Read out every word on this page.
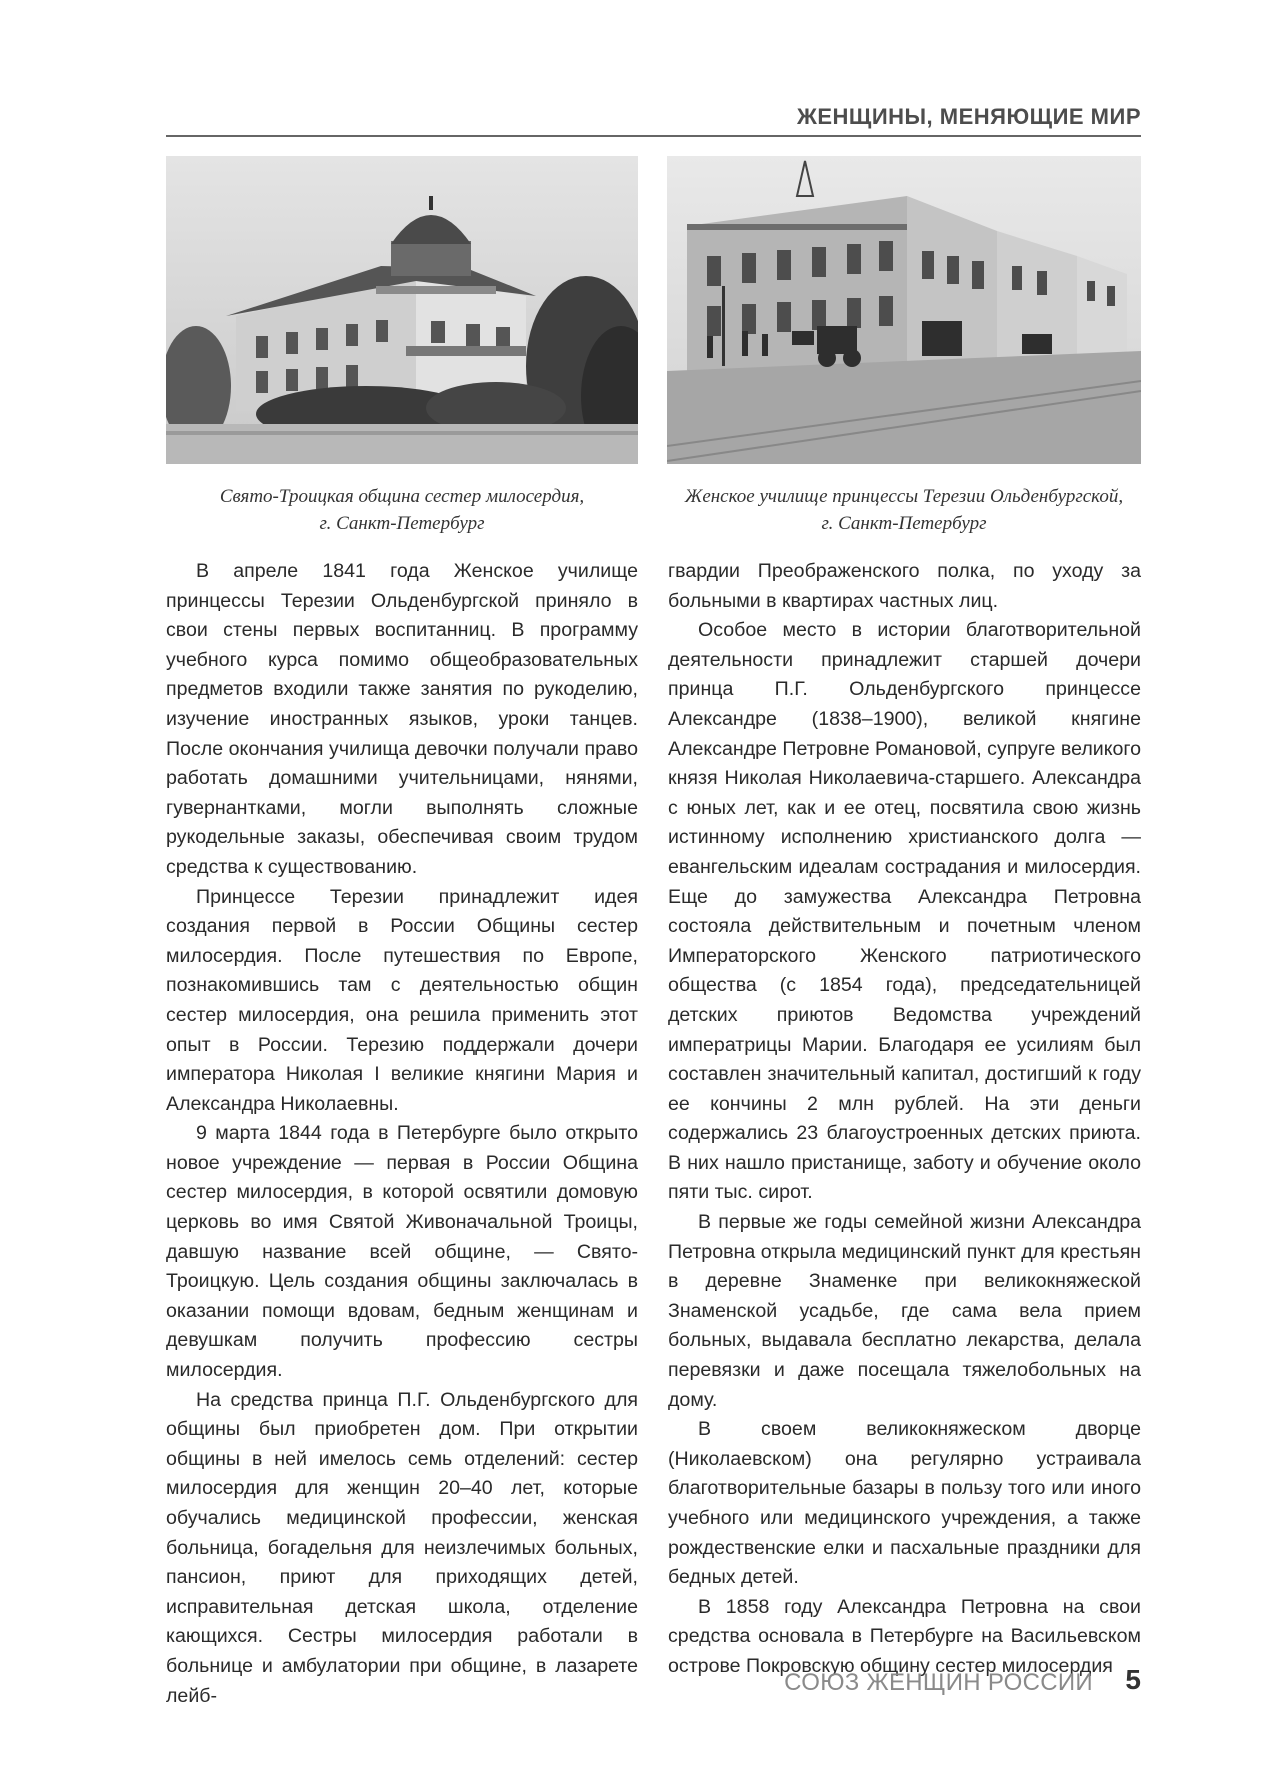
ЖЕНЩИНЫ, МЕНЯЮЩИЕ МИР
Свято-Троицкая община сестер милосердия,
г. Санкт-Петербург
Женское училище принцессы Терезии Ольденбургской,
г. Санкт-Петербург

В апреле 1841 года Женское училище принцессы Терезии Ольденбургской приняло в свои стены первых воспитанниц. В программу учебного курса помимо общеобразовательных предметов входили также занятия по рукоделию, изучение иностранных языков, уроки танцев. После окончания училища девочки получали право работать домашними учительницами, нянями, гувернантками, могли выполнять сложные рукодельные заказы, обеспечивая своим трудом средства к существованию.

Принцессе Терезии принадлежит идея создания первой в России Общины сестер милосердия. После путешествия по Европе, познакомившись там с деятельностью общин сестер милосердия, она решила применить этот опыт в России. Терезию поддержали дочери императора Николая I великие княгини Мария и Александра Николаевны.

9 марта 1844 года в Петербурге было открыто новое учреждение — первая в России Община сестер милосердия, в которой освятили домовую церковь во имя Святой Живоначальной Троицы, давшую название всей общине, — Свято-Троицкую. Цель создания общины заключалась в оказании помощи вдовам, бедным женщинам и девушкам получить профессию сестры милосердия.

На средства принца П.Г. Ольденбургского для общины был приобретен дом. При открытии общины в ней имелось семь отделений: сестер милосердия для женщин 20–40 лет, которые обучались медицинской профессии, женская больница, богадельня для неизлечимых больных, пансион, приют для приходящих детей, исправительная детская школа, отделение кающихся. Сестры милосердия работали в больнице и амбулатории при общине, в лазарете лейб-

гвардии Преображенского полка, по уходу за больными в квартирах частных лиц.

Особое место в истории благотворительной деятельности принадлежит старшей дочери принца П.Г. Ольденбургского принцессе Александре (1838–1900), великой княгине Александре Петровне Романовой, супруге великого князя Николая Николаевича-старшего. Александра с юных лет, как и ее отец, посвятила свою жизнь истинному исполнению христианского долга — евангельским идеалам сострадания и милосердия. Еще до замужества Александра Петровна состояла действительным и почетным членом Императорского Женского патриотического общества (с 1854 года), председательницей детских приютов Ведомства учреждений императрицы Марии. Благодаря ее усилиям был составлен значительный капитал, достигший к году ее кончины 2 млн рублей. На эти деньги содержались 23 благоустроенных детских приюта. В них нашло пристанище, заботу и обучение около пяти тыс. сирот.

В первые же годы семейной жизни Александра Петровна открыла медицинский пункт для крестьян в деревне Знаменке при великокняжеской Знаменской усадьбе, где сама вела прием больных, выдавала бесплатно лекарства, делала перевязки и даже посещала тяжелобольных на дому.

В своем великокняжеском дворце (Николаевском) она регулярно устраивала благотворительные базары в пользу того или иного учебного или медицинского учреждения, а также рождественские елки и пасхальные праздники для бедных детей.

В 1858 году Александра Петровна на свои средства основала в Петербурге на Васильевском острове Покровскую общину сестер милосердия

СОЮЗ ЖЕНЩИН РОССИИ 5
